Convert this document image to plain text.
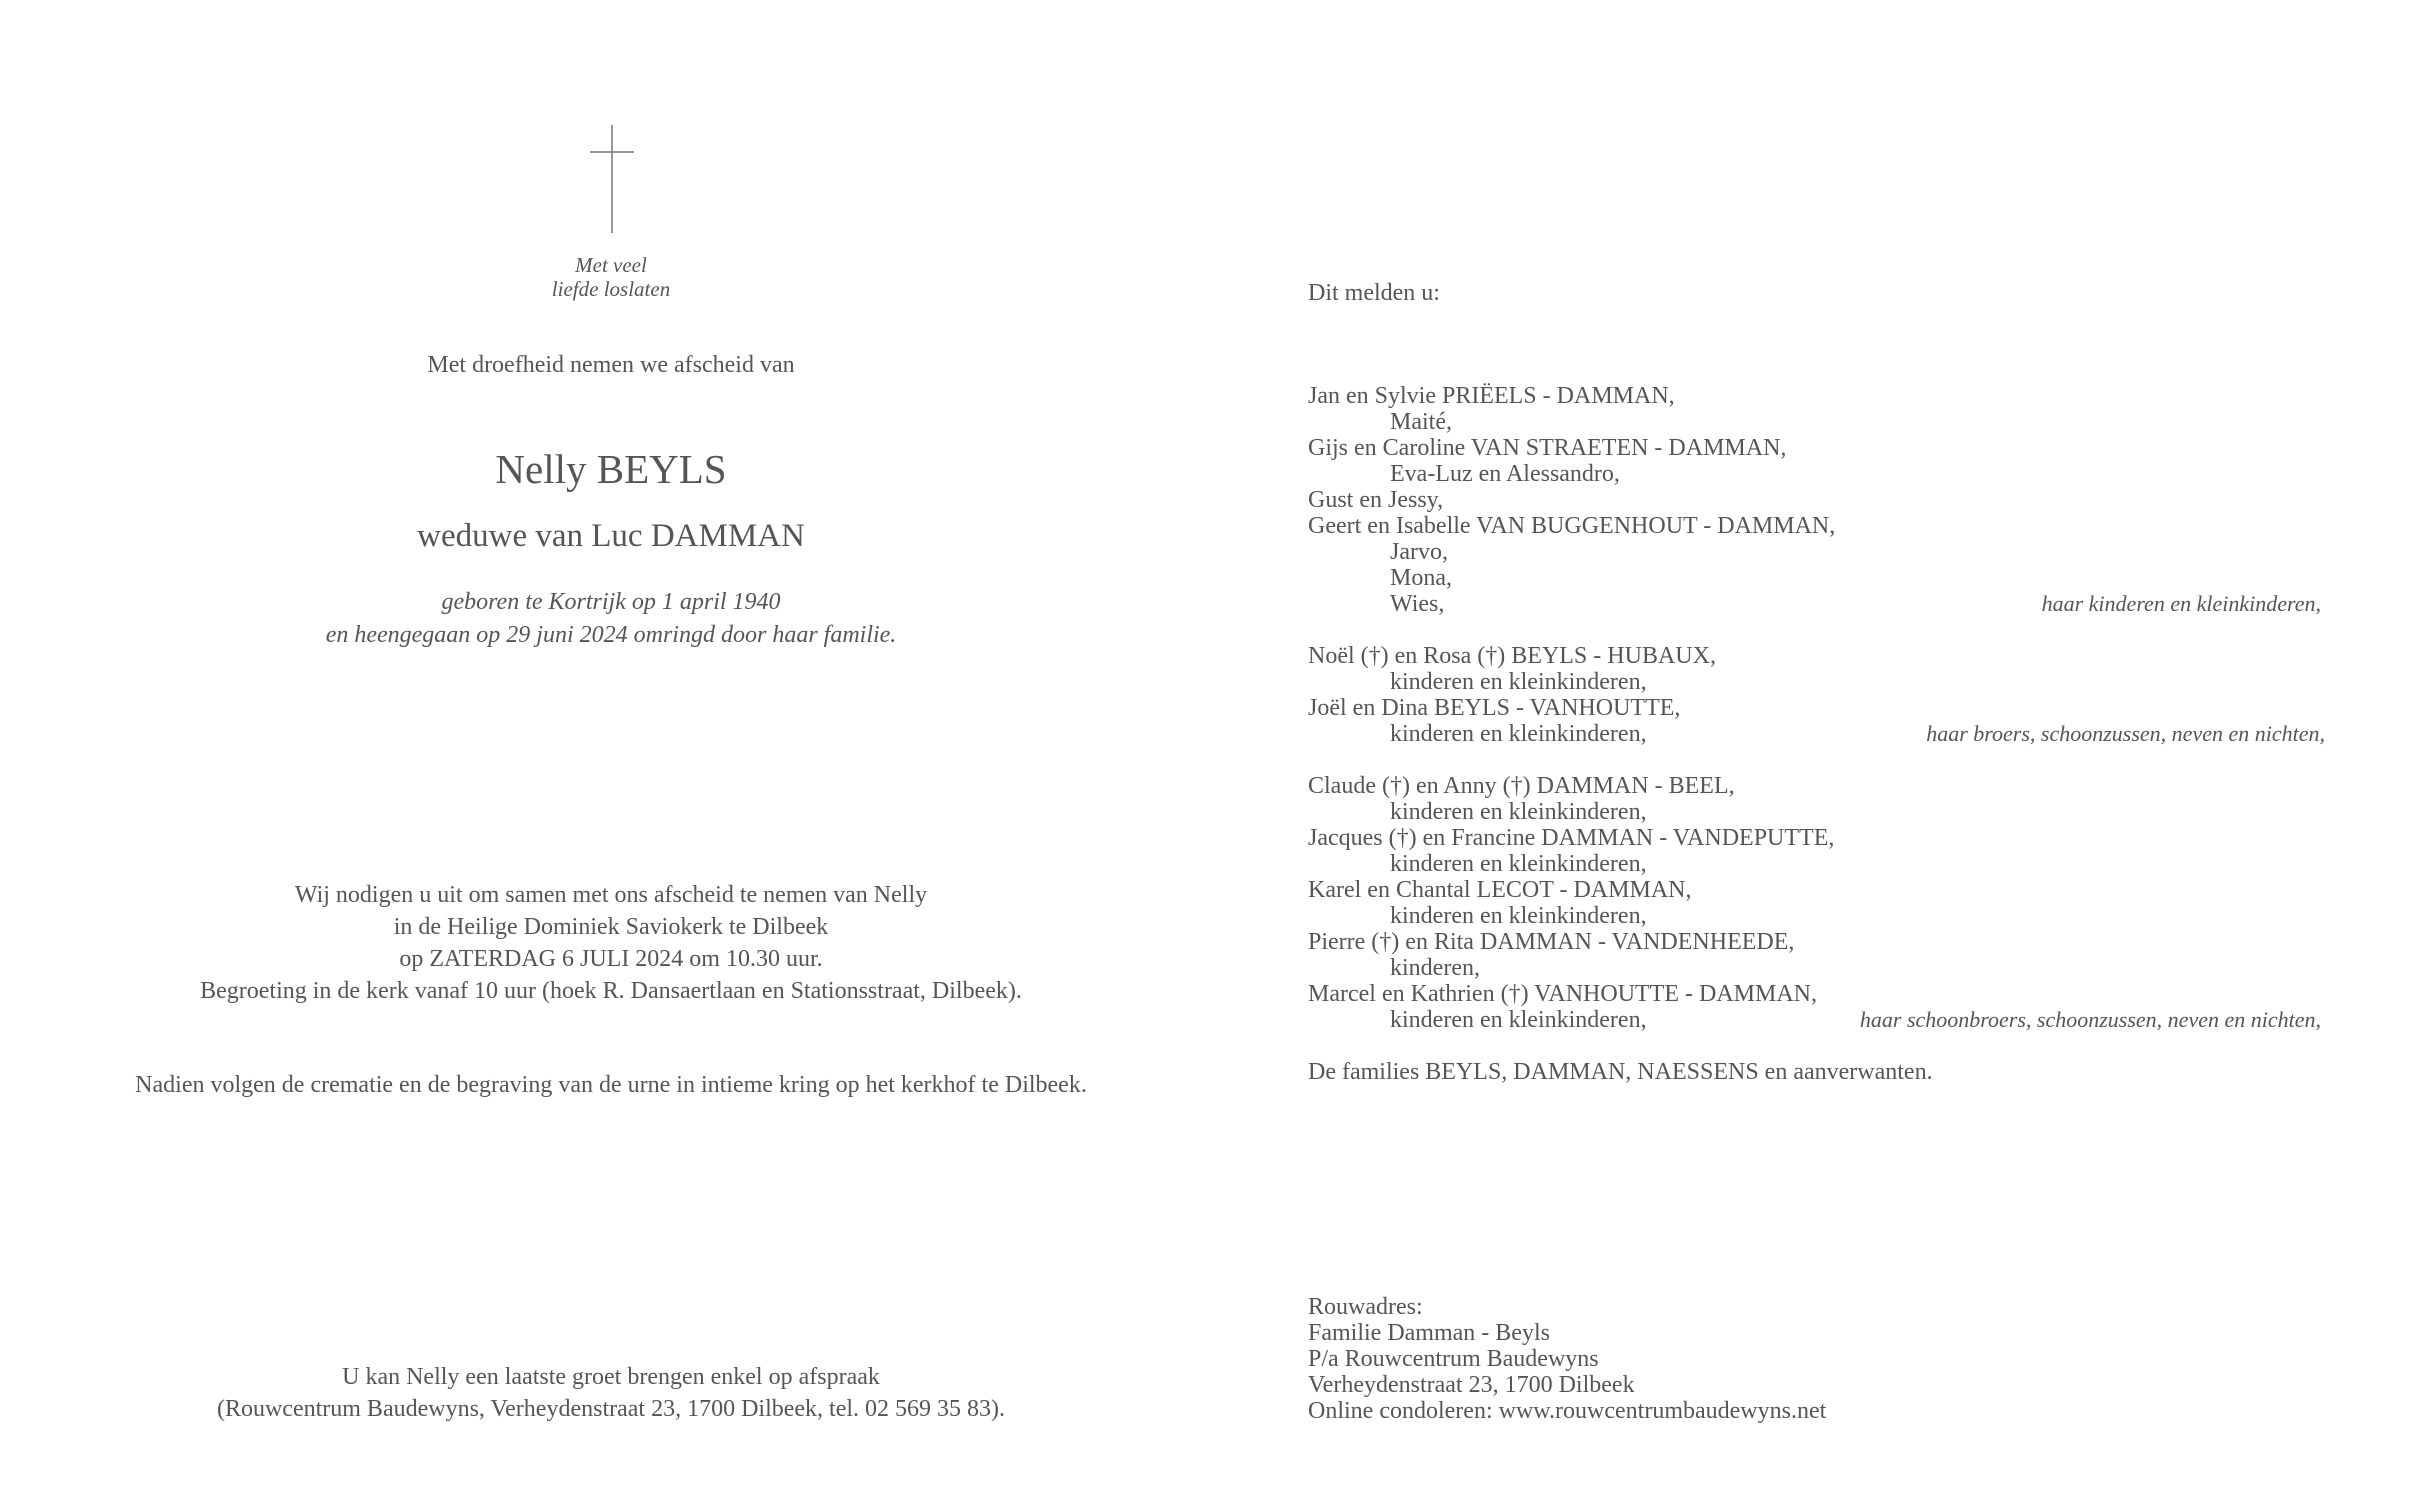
Met veel
liefde loslaten
Met droefheid nemen we afscheid van
Nelly BEYLS
weduwe van Luc DAMMAN
geboren te Kortrijk op 1 april 1940
en heengegaan op 29 juni 2024 omringd door haar familie.
Wij nodigen u uit om samen met ons afscheid te nemen van Nelly
in de Heilige Dominiek Saviokerk te Dilbeek
op ZATERDAG 6 JULI 2024 om 10.30 uur.
Begroeting in de kerk vanaf 10 uur (hoek R. Dansaertlaan en Stationsstraat, Dilbeek).
Nadien volgen de crematie en de begraving van de urne in intieme kring op het kerkhof te Dilbeek.
U kan Nelly een laatste groet brengen enkel op afspraak
(Rouwcentrum Baudewyns, Verheydenstraat 23, 1700 Dilbeek, tel. 02 569 35 83).
Dit melden u:
Jan en Sylvie PRIËELS - DAMMAN,
Maité,
Gijs en Caroline VAN STRAETEN - DAMMAN,
Eva-Luz en Alessandro,
Gust en Jessy,
Geert en Isabelle VAN BUGGENHOUT - DAMMAN,
Jarvo,
Mona,
Wies,	haar kinderen en kleinkinderen,
Noël (†) en Rosa (†) BEYLS - HUBAUX,
kinderen en kleinkinderen,
Joël en Dina BEYLS - VANHOUTTE,
kinderen en kleinkinderen,	haar broers, schoonzussen, neven en nichten,
Claude (†) en Anny (†) DAMMAN - BEEL,
kinderen en kleinkinderen,
Jacques (†) en Francine DAMMAN - VANDEPUTTE,
kinderen en kleinkinderen,
Karel en Chantal LECOT - DAMMAN,
kinderen en kleinkinderen,
Pierre (†) en Rita DAMMAN - VANDENHEEDE,
kinderen,
Marcel en Kathrien (†) VANHOUTTE - DAMMAN,
kinderen en kleinkinderen,	haar schoonbroers, schoonzussen, neven en nichten,
De families BEYLS, DAMMAN, NAESSENS en aanverwanten.
Rouwadres:
Familie Damman - Beyls
P/a Rouwcentrum Baudewyns
Verheydenstraat 23, 1700 Dilbeek
Online condoleren: www.rouwcentrumbaudewyns.net
